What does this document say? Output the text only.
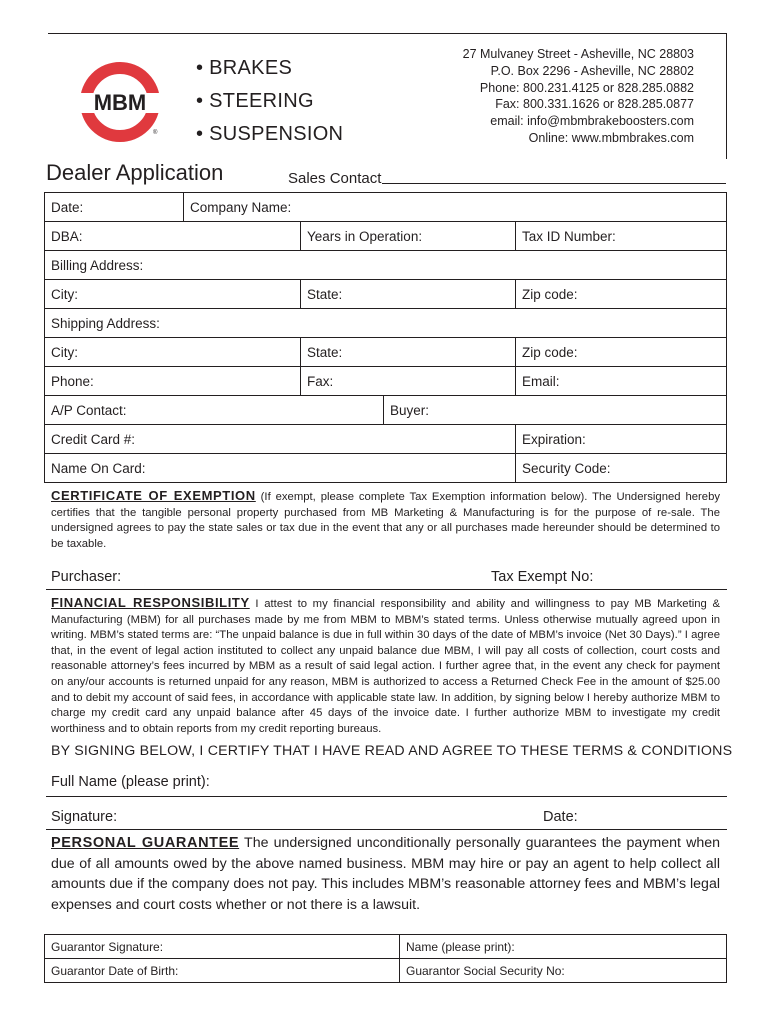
MBM
®
• BRAKES
• STEERING
• SUSPENSION
27 Mulvaney Street - Asheville, NC 28803
P.O. Box 2296 - Asheville, NC 28802
Phone: 800.231.4125 or 828.285.0882
Fax: 800.331.1626 or 828.285.0877
email: info@mbmbrakeboosters.com
Online: www.mbmbrakes.com
Dealer Application	Sales Contact
Date:	Company Name:
DBA:	Years in Operation:	Tax ID Number:
Billing Address:
City:	State:	Zip code:
Shipping Address:
City:	State:	Zip code:
Phone:	Fax:	Email:
A/P Contact:	Buyer:
Credit Card #:	Expiration:
Name On Card:	Security Code:
CERTIFICATE OF EXEMPTION (If exempt, please complete Tax Exemption information below). The Undersigned hereby certifies that the tangible personal property purchased from MB Marketing & Manufacturing is for the purpose of re-sale. The undersigned agrees to pay the state sales or tax due in the event that any or all purchases made hereunder should be determined to be taxable.
Purchaser:	Tax Exempt No:
FINANCIAL RESPONSIBILITY I attest to my financial responsibility and ability and willingness to pay MB Marketing & Manufacturing (MBM) for all purchases made by me from MBM to MBM’s stated terms. Unless otherwise mutually agreed upon in writing. MBM’s stated terms are: “The unpaid balance is due in full within 30 days of the date of MBM’s invoice (Net 30 Days).” I agree that, in the event of legal action instituted to collect any unpaid balance due MBM, I will pay all costs of collection, court costs and reasonable attorney’s fees incurred by MBM as a result of said legal action. I further agree that, in the event any check for payment on any/our accounts is returned unpaid for any reason, MBM is authorized to access a Returned Check Fee in the amount of $25.00 and to debit my account of said fees, in accordance with applicable state law. In addition, by signing below I hereby authorize MBM to charge my credit card any unpaid balance after 45 days of the invoice date. I further authorize MBM to investigate my credit worthiness and to obtain reports from my credit reporting bureaus.
BY SIGNING BELOW, I CERTIFY THAT I HAVE READ AND AGREE TO THESE TERMS & CONDITIONS
Full Name (please print):
Signature:	Date:
PERSONAL GUARANTEE The undersigned unconditionally personally guarantees the payment when due of all amounts owed by the above named business. MBM may hire or pay an agent to help collect all amounts due if the company does not pay. This includes MBM’s reasonable attorney fees and MBM’s legal expenses and court costs whether or not there is a lawsuit.
Guarantor Signature:	Name (please print):
Guarantor Date of Birth:	Guarantor Social Security No:
